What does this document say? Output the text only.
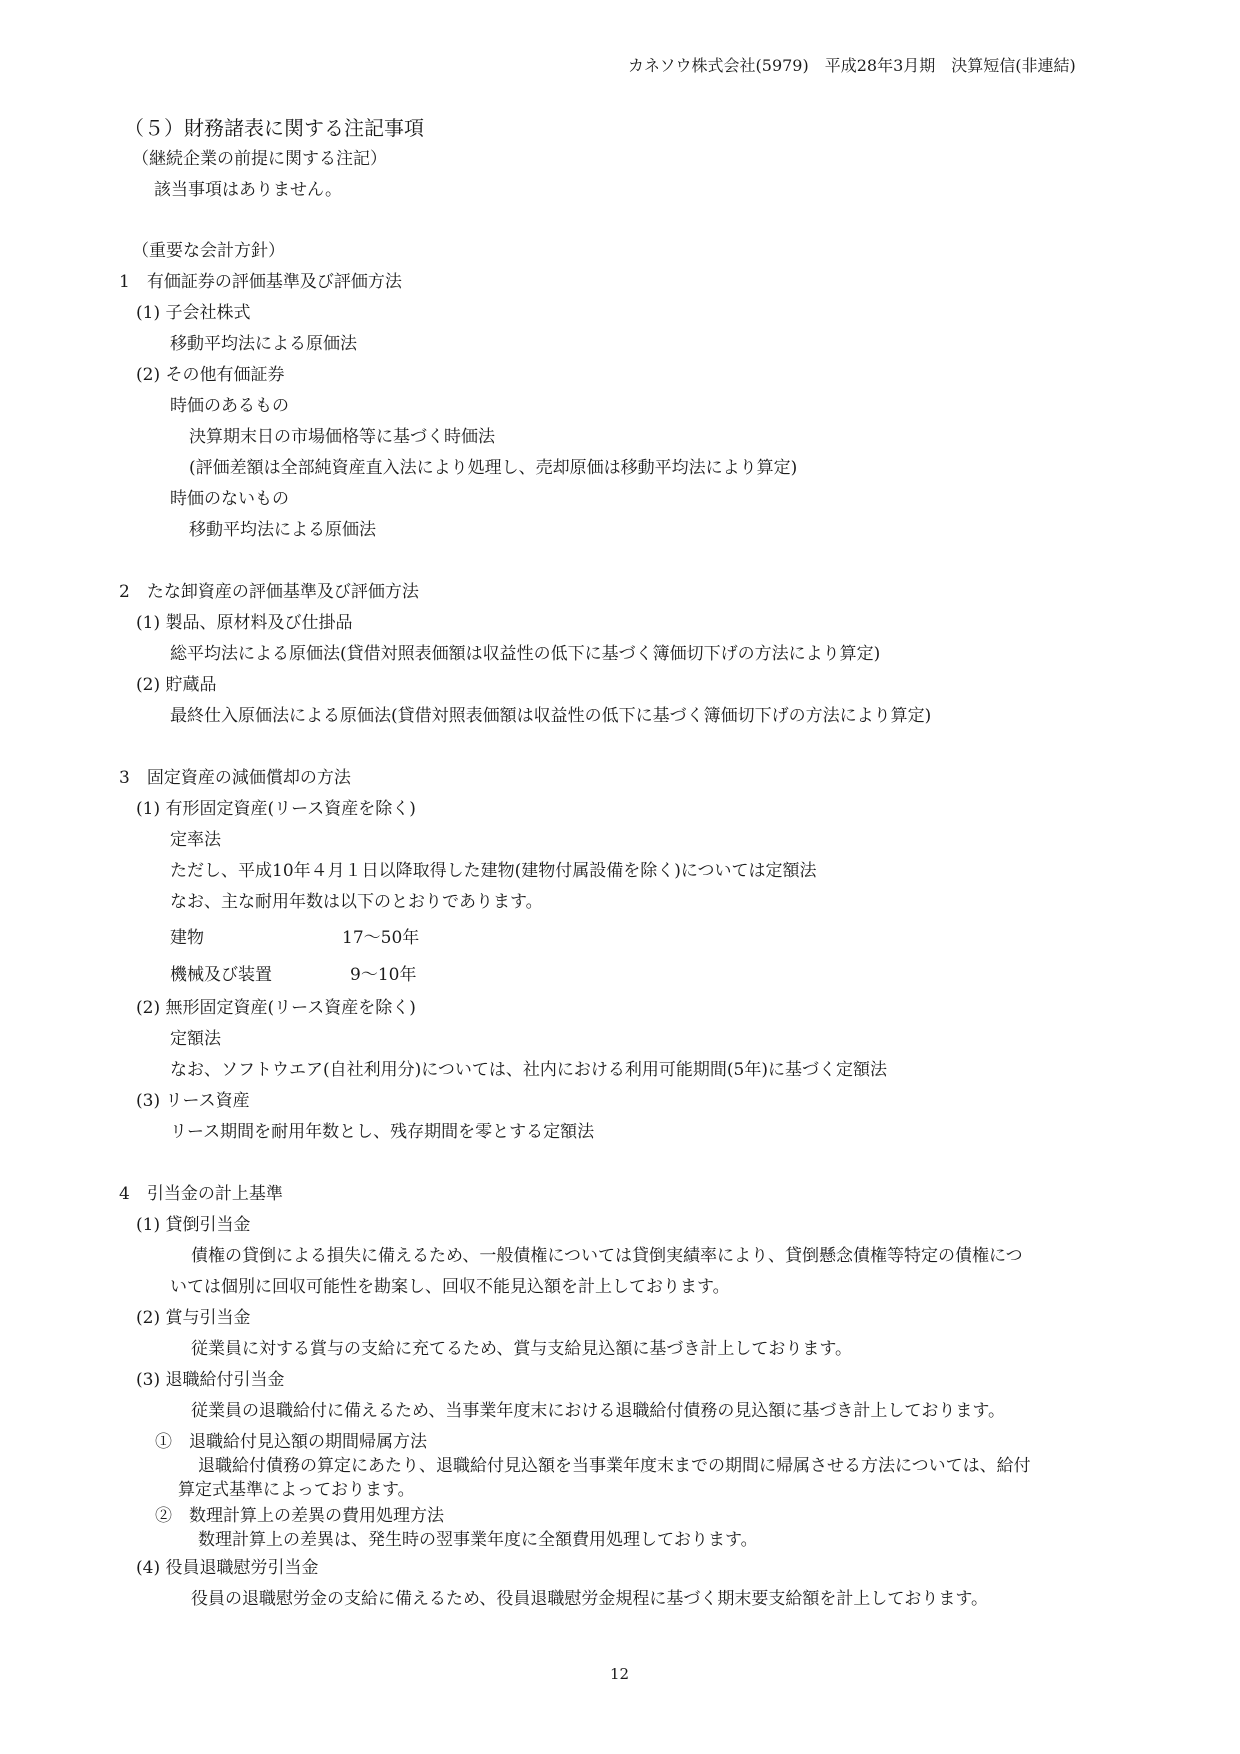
カネソウ株式会社(5979)　平成28年3月期　決算短信(非連結)
（５）財務諸表に関する注記事項
（継続企業の前提に関する注記）
該当事項はありません。
（重要な会計方針）
1　有価証券の評価基準及び評価方法
(1) 子会社株式
移動平均法による原価法
(2) その他有価証券
時価のあるもの
決算期末日の市場価格等に基づく時価法
(評価差額は全部純資産直入法により処理し、売却原価は移動平均法により算定)
時価のないもの
移動平均法による原価法
2　たな卸資産の評価基準及び評価方法
(1) 製品、原材料及び仕掛品
総平均法による原価法(貸借対照表価額は収益性の低下に基づく簿価切下げの方法により算定)
(2) 貯蔵品
最終仕入原価法による原価法(貸借対照表価額は収益性の低下に基づく簿価切下げの方法により算定)
3　固定資産の減価償却の方法
(1) 有形固定資産(リース資産を除く)
定率法
ただし、平成10年４月１日以降取得した建物(建物付属設備を除く)については定額法
なお、主な耐用年数は以下のとおりであります。
建物	17～50年
機械及び装置	9～10年
(2) 無形固定資産(リース資産を除く)
定額法
なお、ソフトウエア(自社利用分)については、社内における利用可能期間(5年)に基づく定額法
(3) リース資産
リース期間を耐用年数とし、残存期間を零とする定額法
4　引当金の計上基準
(1) 貸倒引当金
債権の貸倒による損失に備えるため、一般債権については貸倒実績率により、貸倒懸念債権等特定の債権につ
いては個別に回収可能性を勘案し、回収不能見込額を計上しております。
(2) 賞与引当金
従業員に対する賞与の支給に充てるため、賞与支給見込額に基づき計上しております。
(3) 退職給付引当金
従業員の退職給付に備えるため、当事業年度末における退職給付債務の見込額に基づき計上しております。
①　退職給付見込額の期間帰属方法
退職給付債務の算定にあたり、退職給付見込額を当事業年度末までの期間に帰属させる方法については、給付
算定式基準によっております。
②　数理計算上の差異の費用処理方法
数理計算上の差異は、発生時の翌事業年度に全額費用処理しております。
(4) 役員退職慰労引当金
役員の退職慰労金の支給に備えるため、役員退職慰労金規程に基づく期末要支給額を計上しております。
12
